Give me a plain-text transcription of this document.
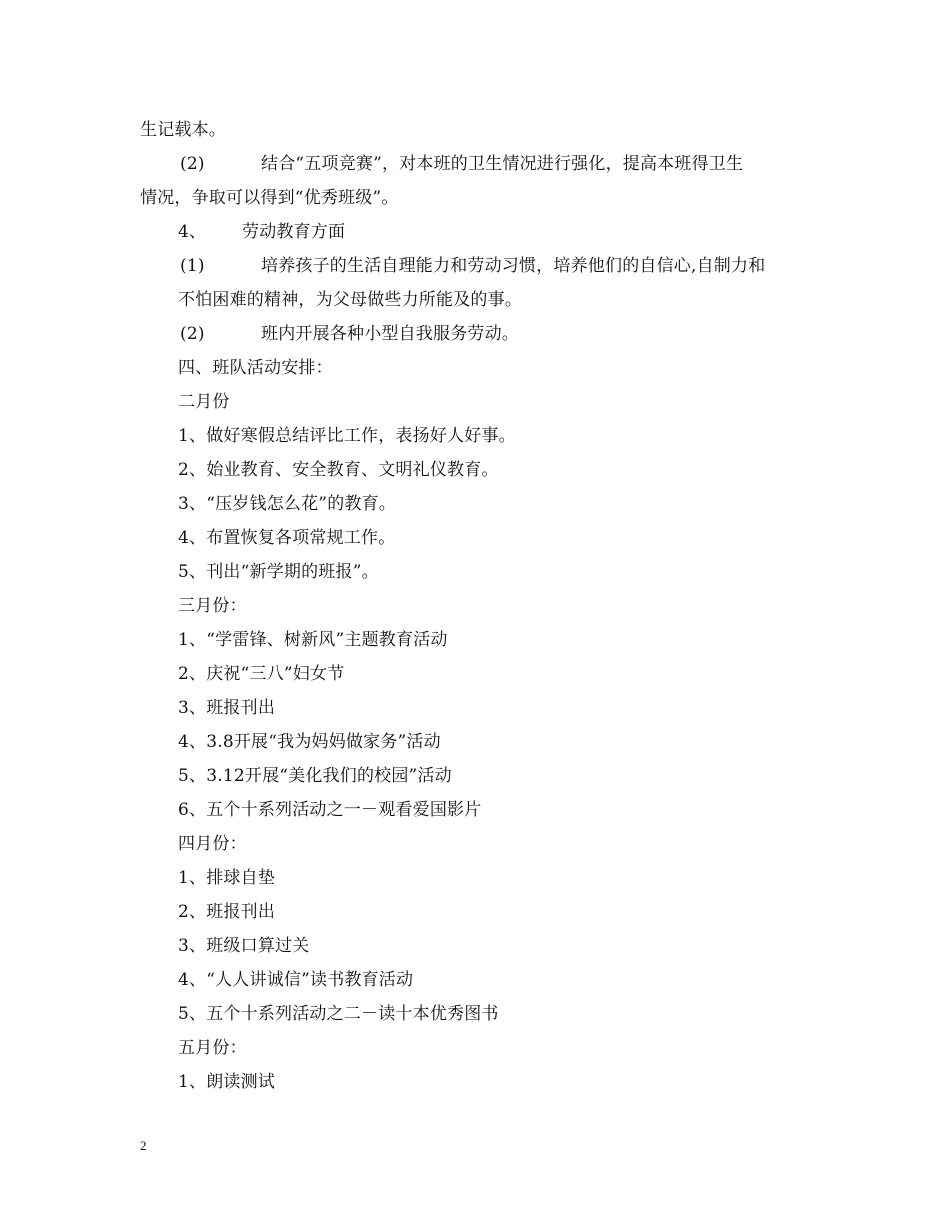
生记载本。
(2)	结合“五项竞赛”，对本班的卫生情况进行强化，提高本班得卫生
情况，争取可以得到“优秀班级”。
4、 劳动教育方面
(1)	培养孩子的生活自理能力和劳动习惯，培养他们的自信心,自制力和
不怕困难的精神，为父母做些力所能及的事。
(2)	班内开展各种小型自我服务劳动。
四、班队活动安排：
二月份
1、做好寒假总结评比工作，表扬好人好事。
2、始业教育、安全教育、文明礼仪教育。
3、“压岁钱怎么花”的教育。
4、布置恢复各项常规工作。
5、刊出“新学期的班报”。
三月份：
1、“学雷锋、树新风”主题教育活动
2、庆祝“三八”妇女节
3、班报刊出
4、3.8开展“我为妈妈做家务”活动
5、3.12开展“美化我们的校园”活动
6、五个十系列活动之一－观看爱国影片
四月份：
1、排球自垫
2、班报刊出
3、班级口算过关
4、“人人讲诚信”读书教育活动
5、五个十系列活动之二－读十本优秀图书
五月份：
1、朗读测试
2
